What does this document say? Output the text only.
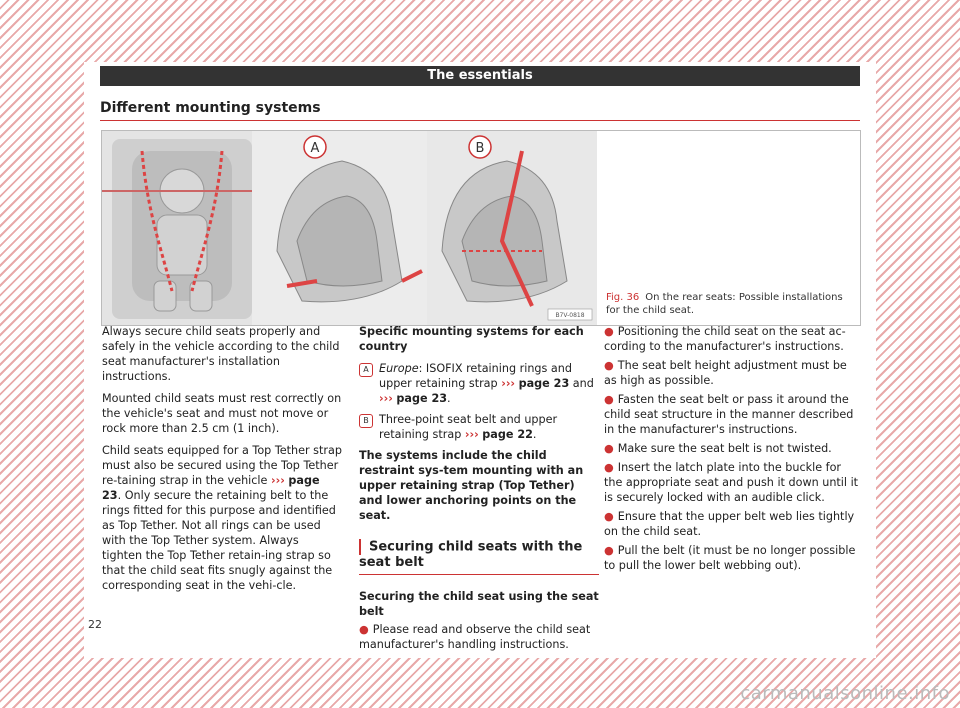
The essentials
Different mounting systems
A	B
B7V-0818
Fig. 36 On the rear seats: Possible installations for the child seat.

Always secure child seats properly and safely in the vehicle according to the child seat manufacturer's installation instructions.

Mounted child seats must rest correctly on the vehicle's seat and must not move or rock more than 2.5 cm (1 inch).

Child seats equipped for a Top Tether strap must also be secured using the Top Tether re-taining strap in the vehicle ››› page 23. Only secure the retaining belt to the rings fitted for this purpose and identified as Top Tether. Not all rings can be used with the Top Tether system. Always tighten the Top Tether retain-ing strap so that the child seat fits snugly against the corresponding seat in the vehi-cle.

Specific mounting systems for each country

A Europe: ISOFIX retaining rings and upper retaining strap ››› page 23 and ››› page 23.
B Three-point seat belt and upper retaining strap ››› page 22.

The systems include the child restraint sys-tem mounting with an upper retaining strap (Top Tether) and lower anchoring points on the seat.

Securing child seats with the seat belt

Securing the child seat using the seat belt

● Please read and observe the child seat manufacturer's handling instructions.

● Positioning the child seat on the seat ac-cording to the manufacturer's instructions.

● The seat belt height adjustment must be as high as possible.

● Fasten the seat belt or pass it around the child seat structure in the manner described in the manufacturer's instructions.

● Make sure the seat belt is not twisted.

● Insert the latch plate into the buckle for the appropriate seat and push it down until it is securely locked with an audible click.

● Ensure that the upper belt web lies tightly on the child seat.

● Pull the belt (it must be no longer possible to pull the lower belt webbing out).

22
carmanualsonline.info
